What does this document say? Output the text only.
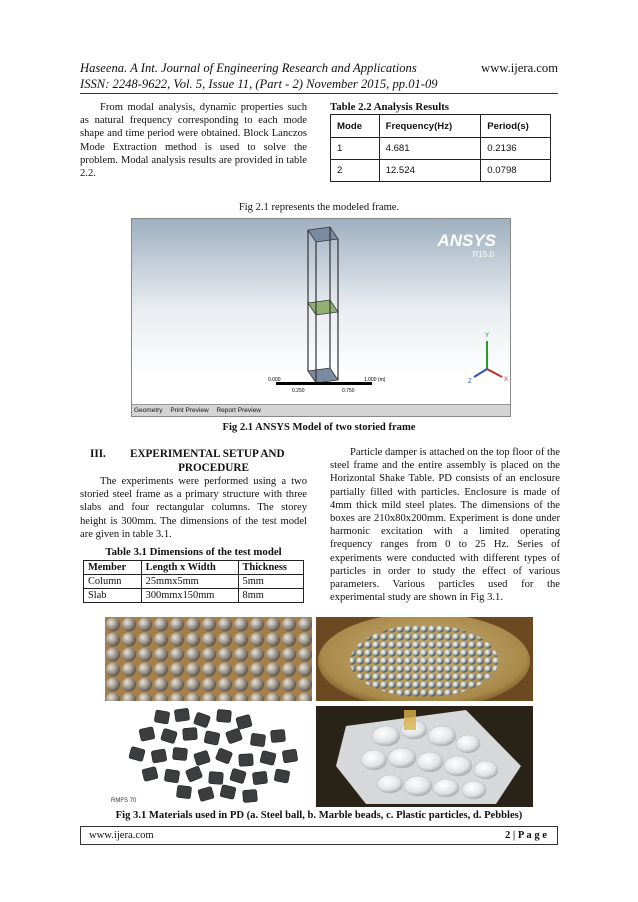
Haseena. A Int. Journal of Engineering Research and Applications
ISSN: 2248-9622, Vol. 5, Issue 11, (Part - 2) November 2015, pp.01-09
www.ijera.com

From modal analysis, dynamic properties such as natural frequency corresponding to each mode shape and time period were obtained. Block Lanczos Mode Extraction method is used to solve the problem. Modal analysis results are provided in table 2.2.

Table 2.2 Analysis Results
Mode	Frequency(Hz)	Period(s)
1	4.681	0.2136
2	12.524	0.0798
Fig 2.1 represents the modeled frame.
ANSYS
R15.0
0.000	1.000 (m)
0.250	0.750
Y
Z	X
Geometry Print Preview Report Preview
Fig 2.1 ANSYS Model of two storied frame
III. EXPERIMENTAL SETUP AND
PROCEDURE

The experiments were performed using a two storied steel frame as a primary structure with three slabs and four rectangular columns. The storey height is 300mm. The dimensions of the test model are given in table 3.1.

Table 3.1 Dimensions of the test model
Member	Length x Width	Thickness
Column	25mmx5mm	5mm
Slab	300mmx150mm	8mm

Particle damper is attached on the top floor of the steel frame and the entire assembly is placed on the Horizontal Shake Table. PD consists of an enclosure partially filled with particles. Enclosure is made of 4mm thick mild steel plates. The dimensions of the boxes are 210x80x200mm. Experiment is done under harmonic excitation with a limited operating frequency ranges from 0 to 25 Hz. Series of experiments were conducted with different types of particles in order to study the effect of various parameters. Various particles used for the experimental study are shown in Fig 3.1.

RMFS 70
Fig 3.1 Materials used in PD (a. Steel ball, b. Marble beads, c. Plastic particles, d. Pebbles)
www.ijera.com	2 | P a g e
